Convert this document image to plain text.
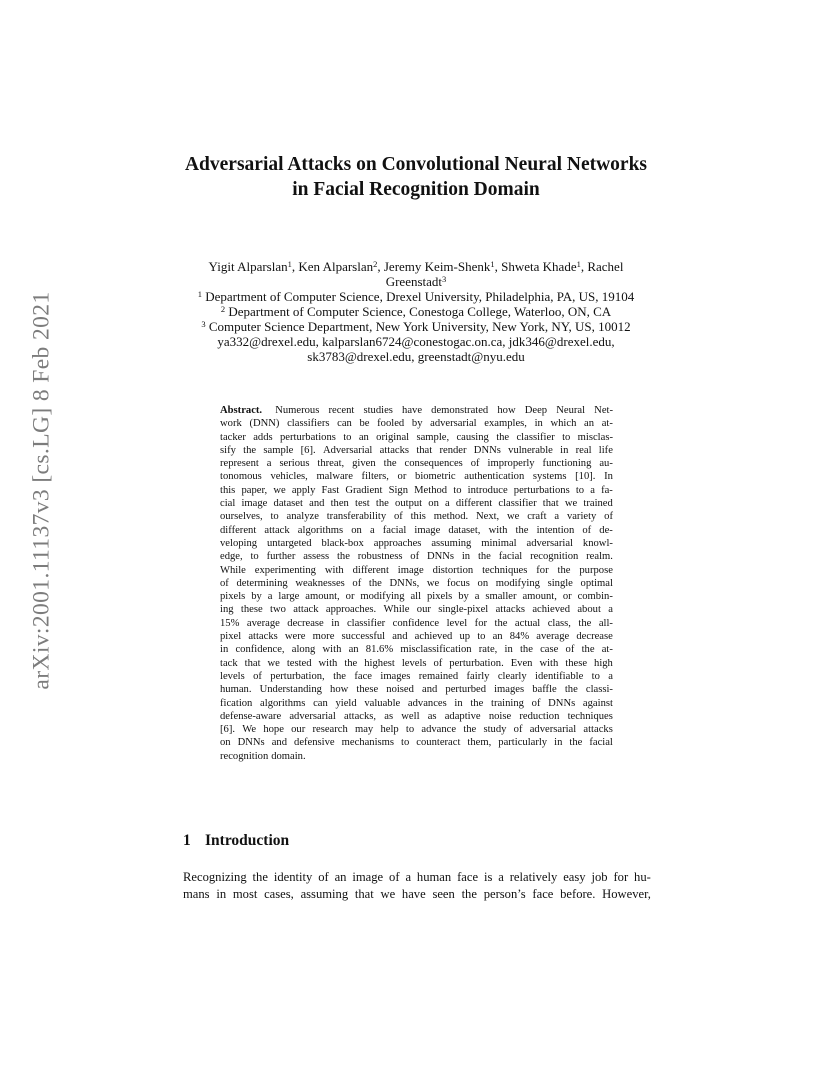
arXiv:2001.11137v3 [cs.LG] 8 Feb 2021
Adversarial Attacks on Convolutional Neural Networks
in Facial Recognition Domain
Yigit Alparslan$^1$, Ken Alparslan$^2$, Jeremy Keim-Shenk$^1$, Shweta Khade$^1$, Rachel
Greenstadt$^3$
$^1$ Department of Computer Science, Drexel University, Philadelphia, PA, US, 19104
$^2$ Department of Computer Science, Conestoga College, Waterloo, ON, CA
$^3$ Computer Science Department, New York University, New York, NY, US, 10012
ya332@drexel.edu, kalparslan6724@conestogac.on.ca, jdk346@drexel.edu,
sk3783@drexel.edu, greenstadt@nyu.edu
Abstract. Numerous recent studies have demonstrated how Deep Neural Net-
work (DNN) classifiers can be fooled by adversarial examples, in which an at-
tacker adds perturbations to an original sample, causing the classifier to misclas-
sify the sample [6]. Adversarial attacks that render DNNs vulnerable in real life
represent a serious threat, given the consequences of improperly functioning au-
tonomous vehicles, malware filters, or biometric authentication systems [10]. In
this paper, we apply Fast Gradient Sign Method to introduce perturbations to a fa-
cial image dataset and then test the output on a different classifier that we trained
ourselves, to analyze transferability of this method. Next, we craft a variety of
different attack algorithms on a facial image dataset, with the intention of de-
veloping untargeted black-box approaches assuming minimal adversarial knowl-
edge, to further assess the robustness of DNNs in the facial recognition realm.
While experimenting with different image distortion techniques for the purpose
of determining weaknesses of the DNNs, we focus on modifying single optimal
pixels by a large amount, or modifying all pixels by a smaller amount, or combin-
ing these two attack approaches. While our single-pixel attacks achieved about a
15% average decrease in classifier confidence level for the actual class, the all-
pixel attacks were more successful and achieved up to an 84% average decrease
in confidence, along with an 81.6% misclassification rate, in the case of the at-
tack that we tested with the highest levels of perturbation. Even with these high
levels of perturbation, the face images remained fairly clearly identifiable to a
human. Understanding how these noised and perturbed images baffle the classi-
fication algorithms can yield valuable advances in the training of DNNs against
defense-aware adversarial attacks, as well as adaptive noise reduction techniques
[6]. We hope our research may help to advance the study of adversarial attacks
on DNNs and defensive mechanisms to counteract them, particularly in the facial
recognition domain.
1 Introduction
Recognizing the identity of an image of a human face is a relatively easy job for hu-
mans in most cases, assuming that we have seen the person’s face before. However,
